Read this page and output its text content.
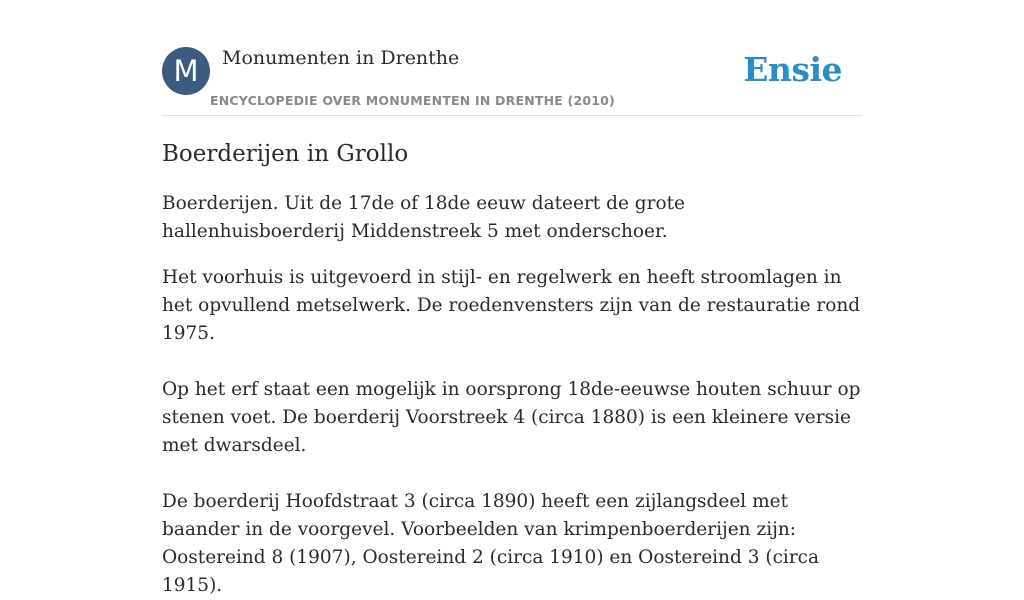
M	Monumenten in Drenthe
ENCYCLOPEDIE OVER MONUMENTEN IN DRENTHE (2010)
Ensie
Boerderijen in Grollo

Boerderijen. Uit de 17de of 18de eeuw dateert de grote hallenhuisboerderij Middenstreek 5 met onderschoer.

Het voorhuis is uitgevoerd in stijl- en regelwerk en heeft stroomlagen in het opvullend metselwerk. De roedenvensters zijn van de restauratie rond 1975.

Op het erf staat een mogelijk in oorsprong 18de-eeuwse houten schuur op stenen voet. De boerderij Voorstreek 4 (circa 1880) is een kleinere versie met dwarsdeel.

De boerderij Hoofdstraat 3 (circa 1890) heeft een zijlangsdeel met baander in de voorgevel. Voorbeelden van krimpenboerderijen zijn: Oostereind 8 (1907), Oostereind 2 (circa 1910) en Oostereind 3 (circa 1915).
